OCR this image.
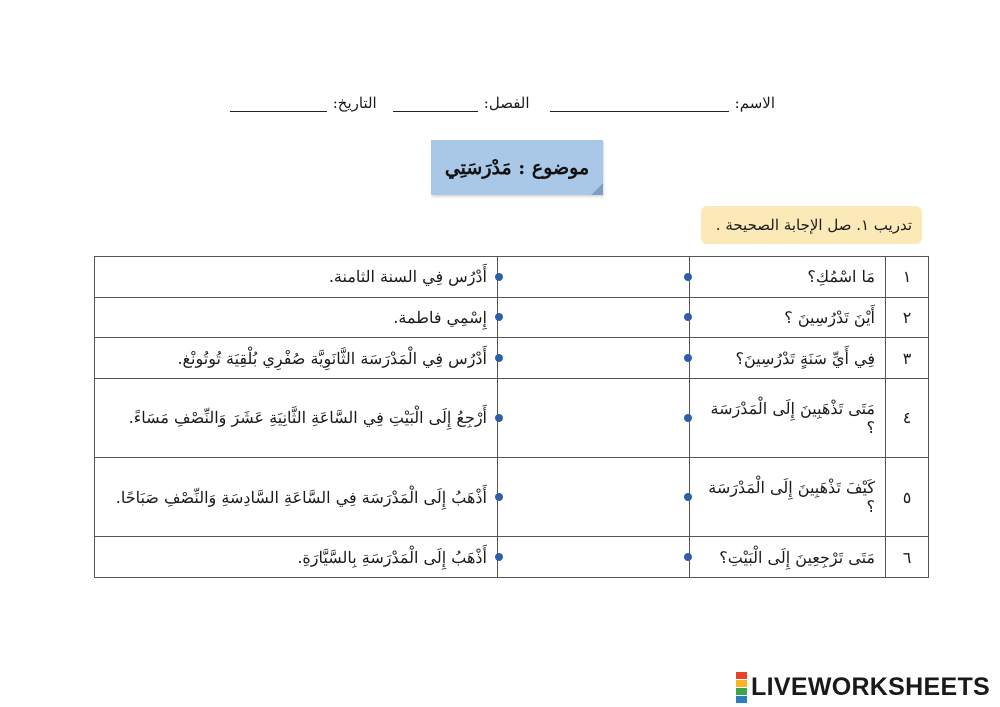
الاسم:
الفصل:
التاريخ:
موضوع : مَدْرَسَتِي
تدريب ١. صل الإجابة الصحيحة .
١	مَا اسْمُكِ؟		أَدْرُس فِي السنة الثامنة.
٢	أَيْنَ تَدْرُسِينَ ؟		إِسْمِي فاطمة.
٣	فِي أَيِّ سَنَةٍ تَدْرُسِينَ؟		أَدْرُس فِي الْمَدْرَسَة الثَّانَوِيَّة صُفْرِي بُلْقِيَة تُوتُونْغ.
٤	مَتَى تَذْهَبِينَ إِلَى الْمَدْرَسَة ؟		أَرْجِعُ إِلَى الْبَيْتِ فِي السَّاعَةِ الثَّانِيَةِ عَشَرَ وَالنِّصْفِ مَسَاءً.
٥	كَيْفَ تَذْهَبِينَ إِلَى الْمَدْرَسَة ؟		أَذْهَبُ إِلَى الْمَدْرَسَة فِي السَّاعَةِ السَّادِسَةِ وَالنِّصْفِ صَبَاحًا.
٦	مَتَى تَرْجِعِينَ إِلَى الْبَيْتِ؟		أَذْهَبُ إِلَى الْمَدْرَسَةِ بِالسَّيَّارَةِ.
LIVEWORKSHEETS
